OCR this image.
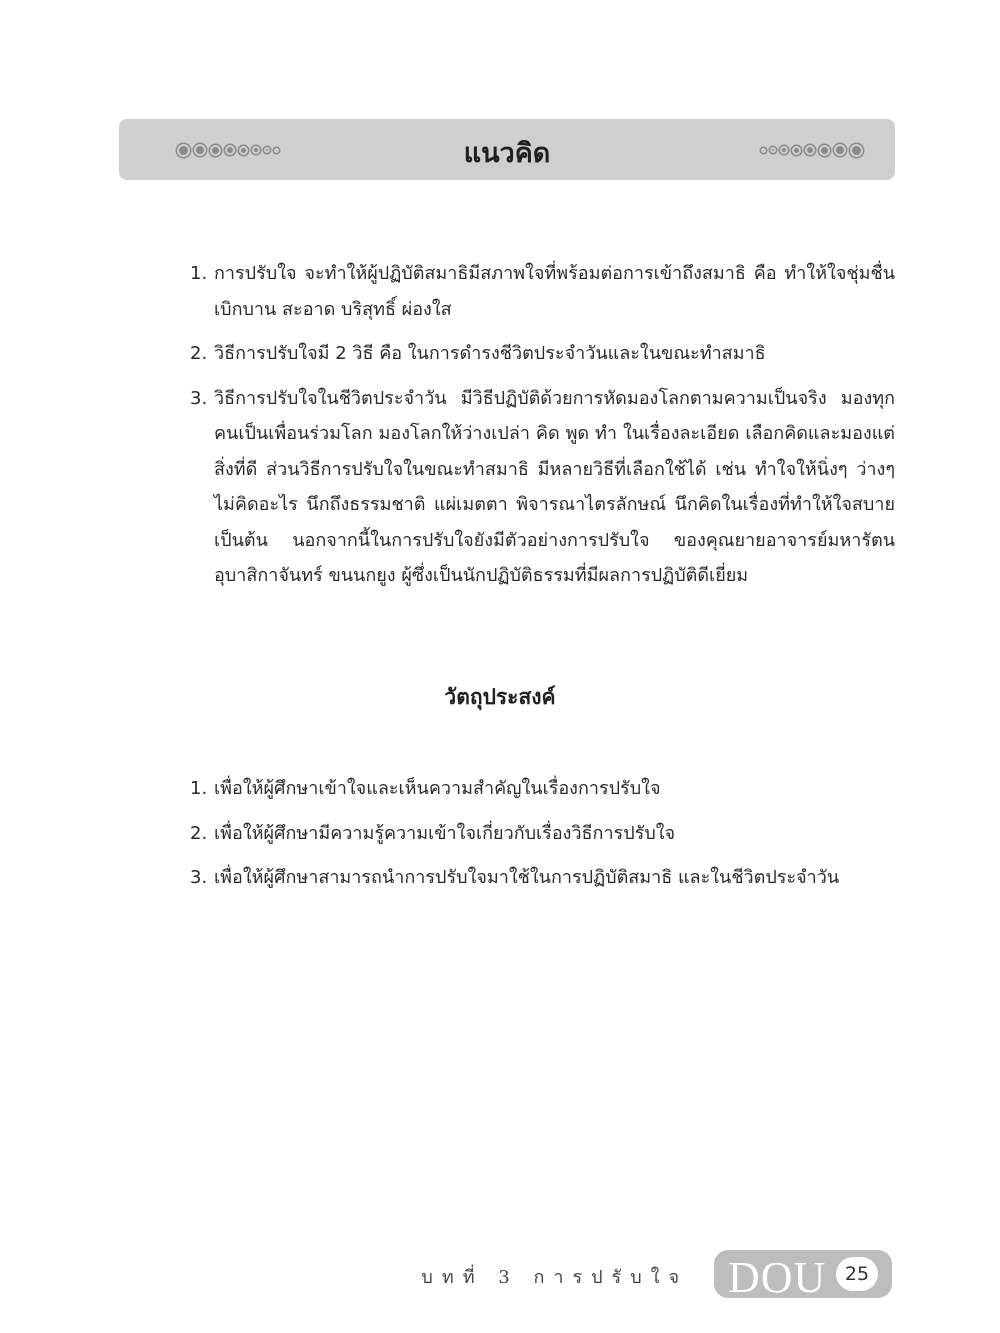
แนวคิด
1. การปรับใจ จะทำให้ผู้ปฏิบัติสมาธิมีสภาพใจที่พร้อมต่อการเข้าถึงสมาธิ คือ ทำให้ใจชุ่มชื่น เบิกบาน สะอาด บริสุทธิ์ ผ่องใส
2. วิธีการปรับใจมี 2 วิธี คือ ในการดำรงชีวิตประจำวันและในขณะทำสมาธิ
3. วิธีการปรับใจในชีวิตประจำวัน มีวิธีปฏิบัติด้วยการหัดมองโลกตามความเป็นจริง มองทุกคนเป็นเพื่อนร่วมโลก มองโลกให้ว่างเปล่า คิด พูด ทำ ในเรื่องละเอียด เลือกคิดและมองแต่สิ่งที่ดี ส่วนวิธีการปรับใจในขณะทำสมาธิ มีหลายวิธีที่เลือกใช้ได้ เช่น ทำใจให้นิ่งๆ ว่างๆ ไม่คิดอะไร นึกถึงธรรมชาติ แผ่เมตตา พิจารณาไตรลักษณ์ นึกคิดในเรื่องที่ทำให้ใจสบาย เป็นต้น นอกจากนี้ในการปรับใจยังมีตัวอย่างการปรับใจ ของคุณยายอาจารย์มหารัตนอุบาสิกาจันทร์ ขนนกยูง ผู้ซึ่งเป็นนักปฏิบัติธรรมที่มีผลการปฏิบัติดีเยี่ยม
วัตถุประสงค์
1. เพื่อให้ผู้ศึกษาเข้าใจและเห็นความสำคัญในเรื่องการปรับใจ
2. เพื่อให้ผู้ศึกษามีความรู้ความเข้าใจเกี่ยวกับเรื่องวิธีการปรับใจ
3. เพื่อให้ผู้ศึกษาสามารถนำการปรับใจมาใช้ในการปฏิบัติสมาธิ และในชีวิตประจำวัน
บทที่ 3 การปรับใจ DOU 25
